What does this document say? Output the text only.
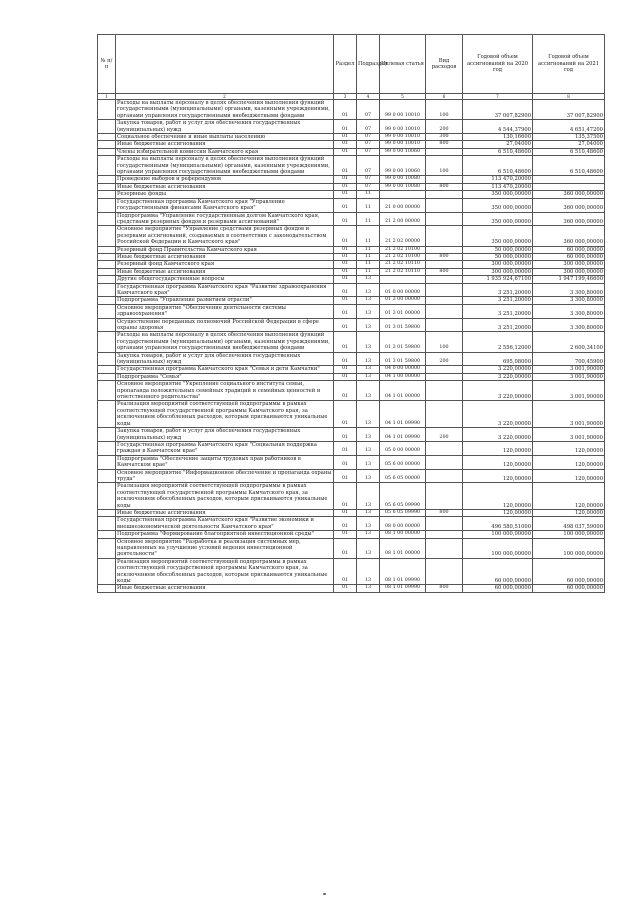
№ п/п		Раздел	Подраздел	Целевая статья	Вид расходов	Годовой объем ассигнований на 2020 год	Годовой объем ассигнований на 2021 год
1	2	3	4	5	6	7	8
	Расходы на выплаты персоналу в целях обеспечения выполнения функций государственными (муниципальными) органами, казенными учреждениями, органами управления государственными внебюджетными фондами	01	07	99 0 00 10010	100	37 007,82900	37 007,82900
	Закупка товаров, работ и услуг для обеспечения государственных (муниципальных) нужд	01	07	99 0 00 10010	200	4 544,37900	4 651,47200
	Социальное обеспечение и иные выплаты населению	01	07	99 0 00 10010	300	130,16600	135,37500
	Иные бюджетные ассигнования	01	07	99 0 00 10010	800	27,04000	27,04000
	Члены избирательной комиссии Камчатского края	01	07	99 0 00 10060		6 510,48600	6 510,48600
	Расходы на выплаты персоналу в целях обеспечения выполнения функций государственными (муниципальными) органами, казенными учреждениями, органами управления государственными внебюджетными фондами	01	07	99 0 00 10060	100	6 510,48600	6 510,48600
	Проведение выборов и референдумов	01	07	99 0 00 10080		113 470,20000	
	Иные бюджетные ассигнования	01	07	99 0 00 10080	800	113 470,20000	
	Резервные фонды	01	11			350 000,00000	360 000,00000
	Государственная программа Камчатского края "Управление государственными финансами Камчатского края"	01	11	21 0 00 00000		350 000,00000	360 000,00000
	Подпрограмма "Управление государственным долгом Камчатского края, средствами резервных фондов и резервами ассигнований"	01	11	21 2 00 00000		350 000,00000	360 000,00000
	Основное мероприятие "Управление средствами резервных фондов и резервами ассигнований, создаваемых в соответствии с законодательством Российской Федерации и Камчатского края"	01	11	21 2 02 00000		350 000,00000	360 000,00000
	Резервный фонд Правительства Камчатского края	01	11	21 2 02 10100		50 000,00000	60 000,00000
	Иные бюджетные ассигнования	01	11	21 2 02 10100	800	50 000,00000	60 000,00000
	Резервный фонд Камчатского края	01	11	21 2 02 10110		300 000,00000	300 000,00000
	Иные бюджетные ассигнования	01	11	21 2 02 10110	800	300 000,00000	300 000,00000
	Другие общегосударственные вопросы	01	13			1 935 924,67100	1 947 199,46600
	Государственная программа Камчатского края "Развитие здравоохранения Камчатского края"	01	13	01 0 00 00000		3 251,20000	3 300,80000
	Подпрограмма "Управление развитием отрасли"	01	13	01 3 00 00000		3 251,20000	3 300,80000
	Основное мероприятие "Обеспечение деятельности системы здравоохранения"	01	13	01 3 01 00000		3 251,20000	3 300,80000
	Осуществление переданных полномочий Российской Федерации в сфере охраны здоровья	01	13	01 3 01 59800		3 251,20000	3 300,80000
	Расходы на выплаты персоналу в целях обеспечения выполнения функций государственными (муниципальными) органами, казенными учреждениями, органами управления государственными внебюджетными фондами	01	13	01 3 01 59800	100	2 556,12000	2 600,34100
	Закупка товаров, работ и услуг для обеспечения государственных (муниципальных) нужд	01	13	01 3 01 59800	200	695,08000	700,45900
	Государственная программа Камчатского края "Семья и дети Камчатки"	01	13	04 0 00 00000		3 220,00000	3 001,90000
	Подпрограмма "Семья"	01	13	04 1 00 00000		3 220,00000	3 001,90000
	Основное мероприятие "Укрепление социального института семьи, пропаганда положительных семейных традиций и семейных ценностей и ответственного родительства"	01	13	04 1 01 00000		3 220,00000	3 001,90000
	Реализация мероприятий соответствующей подпрограммы в рамках соответствующей государственной программы Камчатского края, за исключением обособленных расходов, которым присваиваются уникальные коды	01	13	04 1 01 09990		3 220,00000	3 001,90000
	Закупка товаров, работ и услуг для обеспечения государственных (муниципальных) нужд	01	13	04 1 01 09990	200	3 220,00000	3 001,90000
	Государственная программа Камчатского края "Социальная поддержка граждан в Камчатском крае"	01	13	05 0 00 00000		120,00000	120,00000
	Подпрограмма "Обеспечение защиты трудовых прав работников в Камчатском крае"	01	13	05 6 00 00000		120,00000	120,00000
	Основное мероприятие "Информационное обеспечение и пропаганда охраны труда"	01	13	05 6 05 00000		120,00000	120,00000
	Реализация мероприятий соответствующей подпрограммы в рамках соответствующей государственной программы Камчатского края, за исключением обособленных расходов, которым присваиваются уникальные коды	01	13	05 6 05 09990		120,00000	120,00000
	Иные бюджетные ассигнования	01	13	05 6 05 09990	800	120,00000	120,00000
	Государственная программа Камчатского края "Развитие экономики и внешнеэкономической деятельности Камчатского края"	01	13	08 0 00 00000		496 580,51000	498 037,59000
	Подпрограмма "Формирование благоприятной инвестиционной среды"	01	13	08 1 00 00000		100 000,00000	100 000,00000
	Основное мероприятие "Разработка и реализация системных мер, направленных на улучшение условий ведения инвестиционной деятельности"	01	13	08 1 01 00000		100 000,00000	100 000,00000
	Реализация мероприятий соответствующей подпрограммы в рамках соответствующей государственной программы Камчатского края, за исключением обособленных расходов, которым присваиваются уникальные коды	01	13	08 1 01 09990		60 000,00000	60 000,00000
	Иные бюджетные ассигнования	01	13	08 1 01 09990	800	60 000,00000	60 000,00000
